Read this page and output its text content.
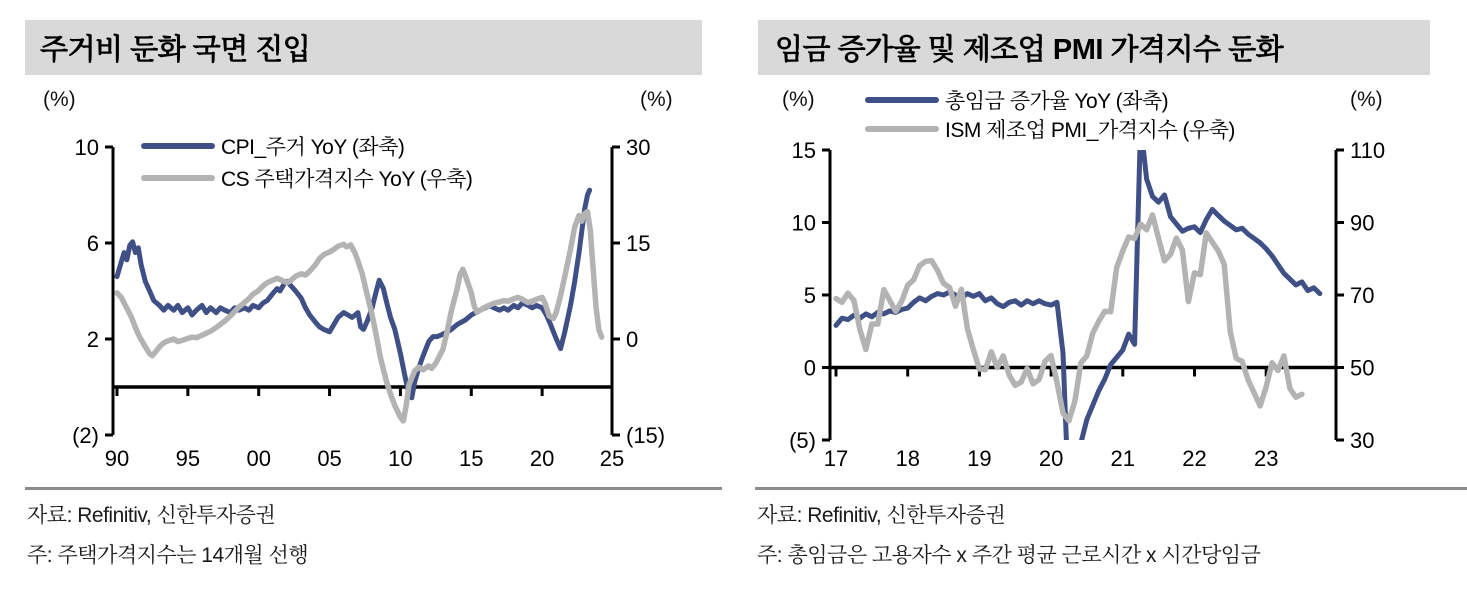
주거비 둔화 국면 진입
(%)	(%)
CPI_주거 YoY (좌축)
CS 주택가격지수 YoY (우축)
10
6
2
(2)
30
15
0
(15)
90 95 00 05 10 15 20 25
자료: Refinitiv, 신한투자증권
주: 주택가격지수는 14개월 선행
임금 증가율 및 제조업 PMI 가격지수 둔화
(%)	(%)
총임금 증가율 YoY (좌축)
ISM 제조업 PMI_가격지수 (우축)
15
10
5
0
(5)
110
90
70
50
30
17 18 19 20 21 22 23
자료: Refinitiv, 신한투자증권
주: 총임금은 고용자수 x 주간 평균 근로시간 x 시간당임금
